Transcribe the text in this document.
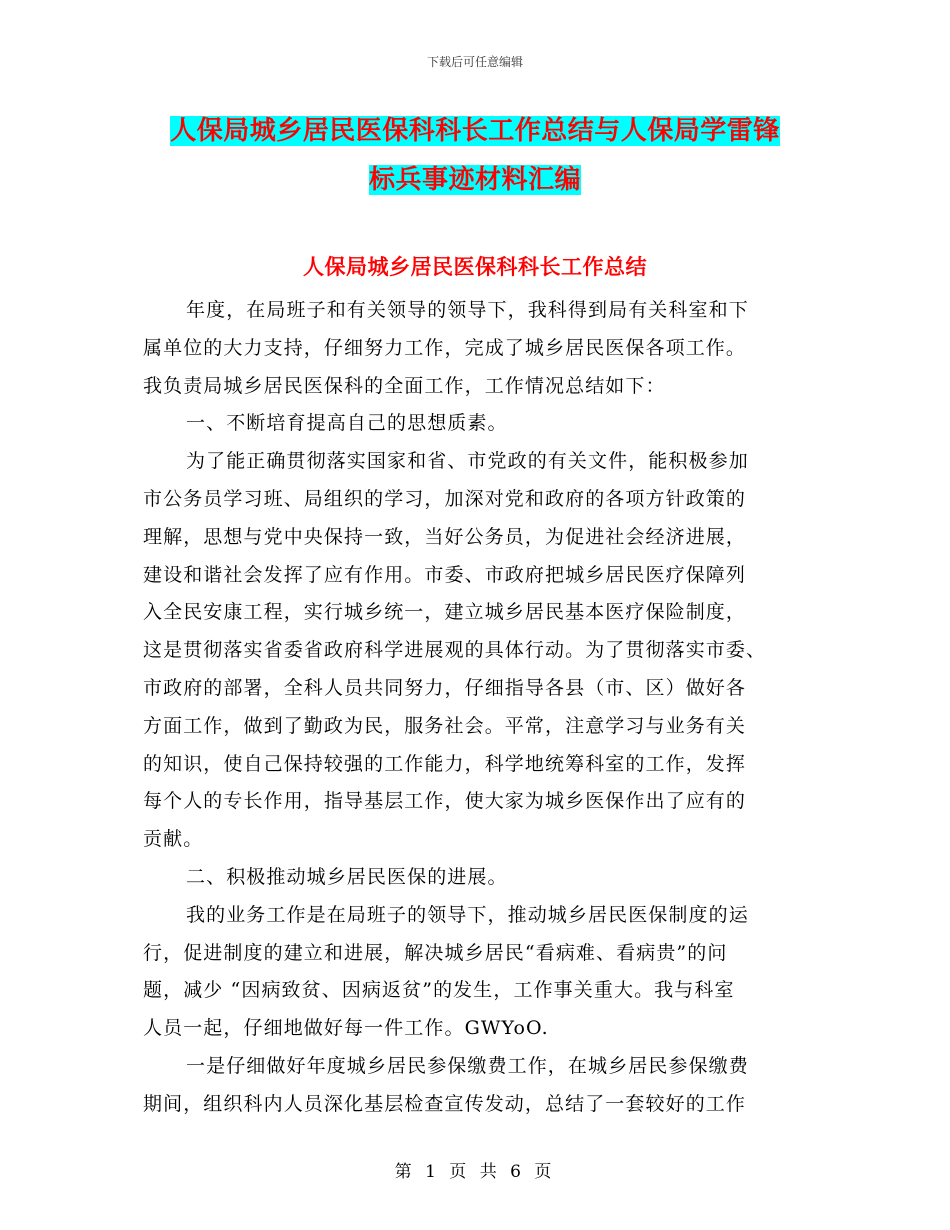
下载后可任意编辑
人保局城乡居民医保科科长工作总结与人保局学雷锋
标兵事迹材料汇编
人保局城乡居民医保科科长工作总结
年度，在局班子和有关领导的领导下，我科得到局有关科室和下
属单位的大力支持，仔细努力工作，完成了城乡居民医保各项工作。
我负责局城乡居民医保科的全面工作，工作情况总结如下：
一、不断培育提高自己的思想质素。
为了能正确贯彻落实国家和省、市党政的有关文件，能积极参加
市公务员学习班、局组织的学习，加深对党和政府的各项方针政策的
理解，思想与党中央保持一致，当好公务员，为促进社会经济进展，
建设和谐社会发挥了应有作用。市委、市政府把城乡居民医疗保障列
入全民安康工程，实行城乡统一，建立城乡居民基本医疗保险制度，
这是贯彻落实省委省政府科学进展观的具体行动。为了贯彻落实市委、
市政府的部署，全科人员共同努力，仔细指导各县（市、区）做好各
方面工作，做到了勤政为民，服务社会。平常，注意学习与业务有关
的知识，使自己保持较强的工作能力，科学地统筹科室的工作，发挥
每个人的专长作用，指导基层工作，使大家为城乡医保作出了应有的
贡献。
二、积极推动城乡居民医保的进展。
我的业务工作是在局班子的领导下，推动城乡居民医保制度的运
行，促进制度的建立和进展，解决城乡居民“看病难、看病贵”的问
题，减少 “因病致贫、因病返贫”的发生，工作事关重大。我与科室
人员一起，仔细地做好每一件工作。GWYoO.
一是仔细做好年度城乡居民参保缴费工作，在城乡居民参保缴费
期间，组织科内人员深化基层检查宣传发动，总结了一套较好的工作
第 1 页 共 6 页
